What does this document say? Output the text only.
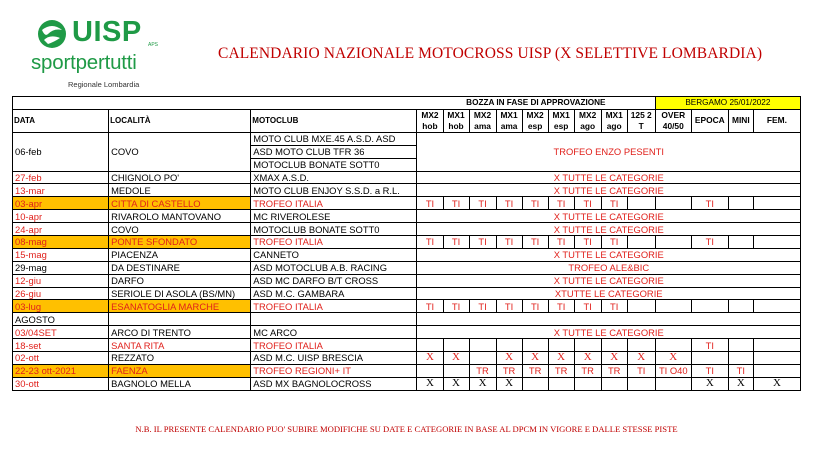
UISP APS
sportpertutti
Regionale Lombardia
CALENDARIO NAZIONALE MOTOCROSS UISP (X SELETTIVE LOMBARDIA)
			BOZZA IN FASE DI APPROVAZIONE									BERGAMO 25/01/2022			
DATA	LOCALITÀ	MOTOCLUB	MX2 hob	MX1 hob	MX2 ama	MX1 ama	MX2 esp	MX1 esp	MX2 ago	MX1 ago	125 2 T	OVER 40/50	EPOCA	MINI	FEM.
06-feb	COVO	MOTO CLUB MXE.45 A.S.D. ASD	TROFEO ENZO PESENTI												
		ASD MOTO CLUB TFR 36													
		MOTOCLUB BONATE SOTT0													
27-feb	CHIGNOLO PO'	XMAX A.S.D.	X TUTTE LE CATEGORIE												
13-mar	MEDOLE	MOTO CLUB ENJOY S.S.D. a R.L.	X TUTTE LE CATEGORIE												
03-apr	CITTA DI CASTELLO	TROFEO ITALIA	TI	TI	TI	TI	TI	TI	TI	TI			TI		
10-apr	RIVAROLO MANTOVANO	MC RIVEROLESE	X TUTTE LE CATEGORIE												
24-apr	COVO	MOTOCLUB BONATE SOTT0	X TUTTE LE CATEGORIE												
08-mag	PONTE SFONDATO	TROFEO ITALIA	TI	TI	TI	TI	TI	TI	TI	TI			TI		
15-mag	PIACENZA	CANNETO	X TUTTE LE CATEGORIE												
29-mag	DA DESTINARE	ASD MOTOCLUB A.B. RACING	TROFEO ALE&BIC												
12-giu	DARFO	ASD MC DARFO B/T CROSS	X TUTTE LE CATEGORIE												
26-giu	SERIOLE DI ASOLA (BS/MN)	ASD M.C. GAMBARA	XTUTTE LE CATEGORIE												
03-lug	ESANATOGLIA MARCHE	TROFEO ITALIA	TI	TI	TI	TI	TI	TI	TI	TI					
AGOSTO															
03/04SET	ARCO DI TRENTO	MC ARCO	X TUTTE LE CATEGORIE												
18-set	SANTA RITA	TROFEO ITALIA											TI		
02-ott	REZZATO	ASD M.C. UISP BRESCIA	X	X		X	X	X	X	X	X	X			
22-23 ott-2021	FAENZA	TROFEO REGIONI+ IT			TR	TR	TR	TR	TR	TR	TI	TI O40	TI	TI	
30-ott	BAGNOLO MELLA	ASD MX BAGNOLOCROSS	X	X	X	X							X	X	X
N.B. IL PRESENTE CALENDARIO PUO' SUBIRE MODIFICHE SU DATE E CATEGORIE IN BASE AL DPCM IN VIGORE E DALLE STESSE PISTE
